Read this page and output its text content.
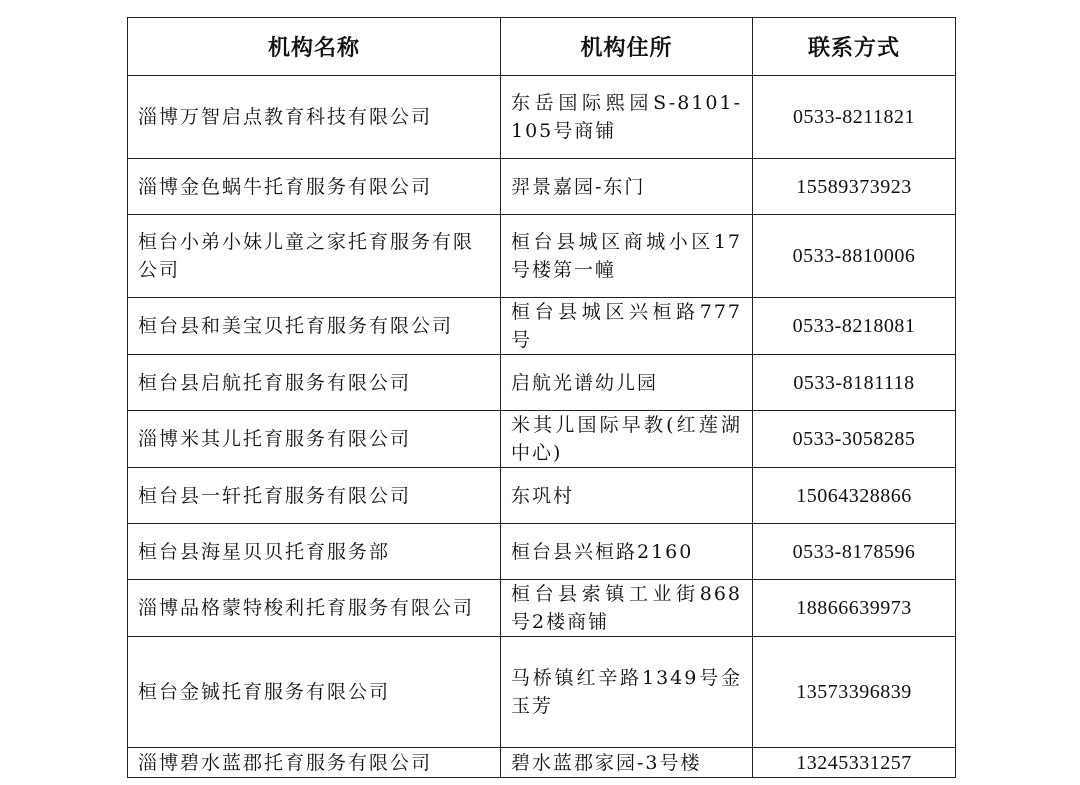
机构名称	机构住所	联系方式
淄博万智启点教育科技有限公司	东岳国际熙园S-8101-105号商铺	0533-8211821
淄博金色蜗牛托育服务有限公司	羿景嘉园-东门	15589373923
桓台小弟小妹儿童之家托育服务有限公司	桓台县城区商城小区17号楼第一幢	0533-8810006
桓台县和美宝贝托育服务有限公司	桓台县城区兴桓路777号	0533-8218081
桓台县启航托育服务有限公司	启航光谱幼儿园	0533-8181118
淄博米其儿托育服务有限公司	米其儿国际早教(红莲湖中心)	0533-3058285
桓台县一轩托育服务有限公司	东巩村	15064328866
桓台县海星贝贝托育服务部	桓台县兴桓路2160	0533-8178596
淄博品格蒙特梭利托育服务有限公司	桓台县索镇工业街868号2楼商铺	18866639973
桓台金铖托育服务有限公司	马桥镇红辛路1349号金玉芳	13573396839
淄博碧水蓝郡托育服务有限公司	碧水蓝郡家园-3号楼	13245331257
